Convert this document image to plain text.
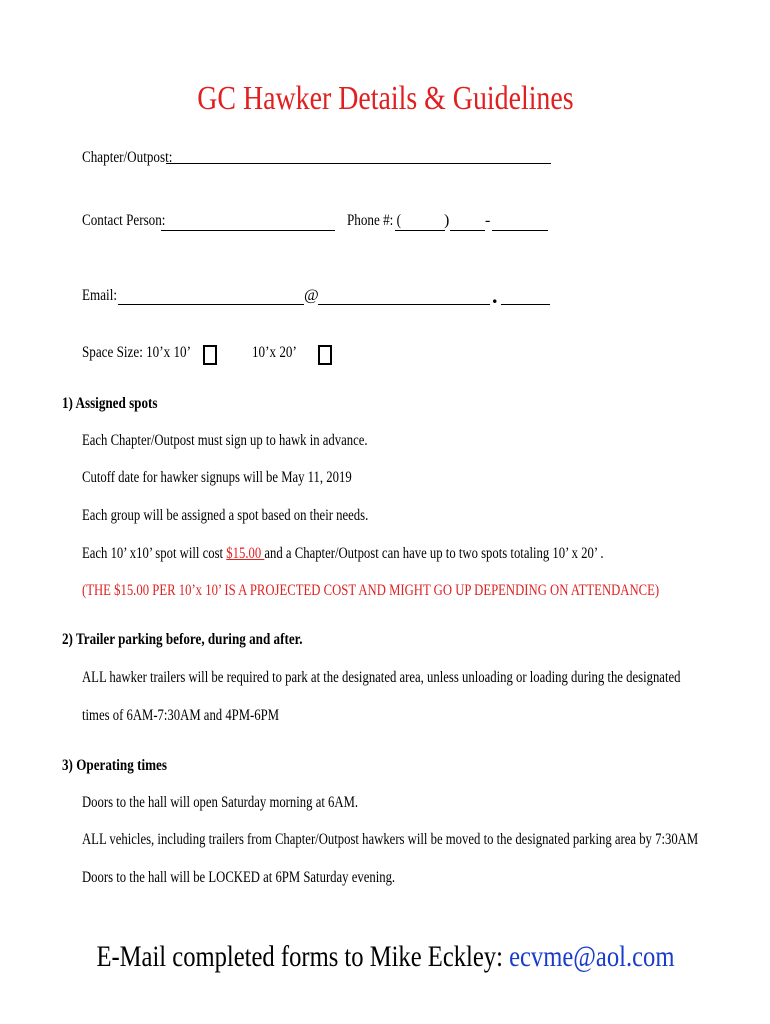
GC Hawker Details & Guidelines
Chapter/Outpost:
Contact Person:	Phone #: (	) -
Email:	@	.
Space Size: 10’x 10’	10’x 20’
1) Assigned spots
Each Chapter/Outpost must sign up to hawk in advance.
Cutoff date for hawker signups will be May 11, 2019
Each group will be assigned a spot based on their needs.
Each 10’ x10’ spot will cost $15.00 and a Chapter/Outpost can have up to two spots totaling 10’ x 20’ .
(THE $15.00 PER 10’x 10’ IS A PROJECTED COST AND MIGHT GO UP DEPENDING ON ATTENDANCE)
2) Trailer parking before, during and after.
ALL hawker trailers will be required to park at the designated area, unless unloading or loading during the designated
times of 6AM-7:30AM and 4PM-6PM
3) Operating times
Doors to the hall will open Saturday morning at 6AM.
ALL vehicles, including trailers from Chapter/Outpost hawkers will be moved to the designated parking area by 7:30AM
Doors to the hall will be LOCKED at 6PM Saturday evening.
E-Mail completed forms to Mike Eckley: ecvme@aol.com
